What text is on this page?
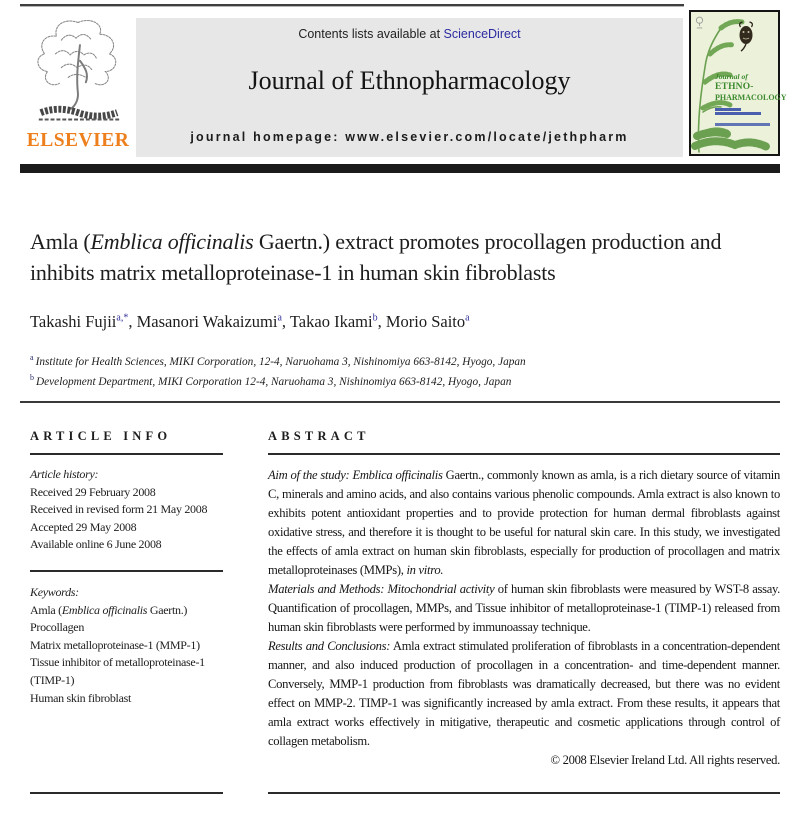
ELSEVIER
Contents lists available at ScienceDirect
Journal of Ethnopharmacology
journal homepage: www.elsevier.com/locate/jethpharm
Journal of
ETHNO-
PHARMACOLOGY
Amla (Emblica officinalis Gaertn.) extract promotes procollagen production and
inhibits matrix metalloproteinase-1 in human skin fibroblasts
Takashi Fujii$^{a,*}$, Masanori Wakaizumi$^a$, Takao Ikami$^b$, Morio Saito$^a$
$^a$ Institute for Health Sciences, MIKI Corporation, 12-4, Naruohama 3, Nishinomiya 663-8142, Hyogo, Japan
$^b$ Development Department, MIKI Corporation 12-4, Naruohama 3, Nishinomiya 663-8142, Hyogo, Japan
ARTICLE INFO
Article history:
Received 29 February 2008
Received in revised form 21 May 2008
Accepted 29 May 2008
Available online 6 June 2008
Keywords:
Amla (Emblica officinalis Gaertn.)
Procollagen
Matrix metalloproteinase-1 (MMP-1)
Tissue inhibitor of metalloproteinase-1 (TIMP-1)
Human skin fibroblast
ABSTRACT

Aim of the study: Emblica officinalis Gaertn., commonly known as amla, is a rich dietary source of vitamin C, minerals and amino acids, and also contains various phenolic compounds. Amla extract is also known to exhibits potent antioxidant properties and to provide protection for human dermal fibroblasts against oxidative stress, and therefore it is thought to be useful for natural skin care. In this study, we investigated the effects of amla extract on human skin fibroblasts, especially for production of procollagen and matrix metalloproteinases (MMPs), in vitro.

Materials and Methods: Mitochondrial activity of human skin fibroblasts were measured by WST-8 assay. Quantification of procollagen, MMPs, and Tissue inhibitor of metalloproteinase-1 (TIMP-1) released from human skin fibroblasts were performed by immunoassay technique.

Results and Conclusions: Amla extract stimulated proliferation of fibroblasts in a concentration-dependent manner, and also induced production of procollagen in a concentration- and time-dependent manner. Conversely, MMP-1 production from fibroblasts was dramatically decreased, but there was no evident effect on MMP-2. TIMP-1 was significantly increased by amla extract. From these results, it appears that amla extract works effectively in mitigative, therapeutic and cosmetic applications through control of collagen metabolism.

© 2008 Elsevier Ireland Ltd. All rights reserved.
